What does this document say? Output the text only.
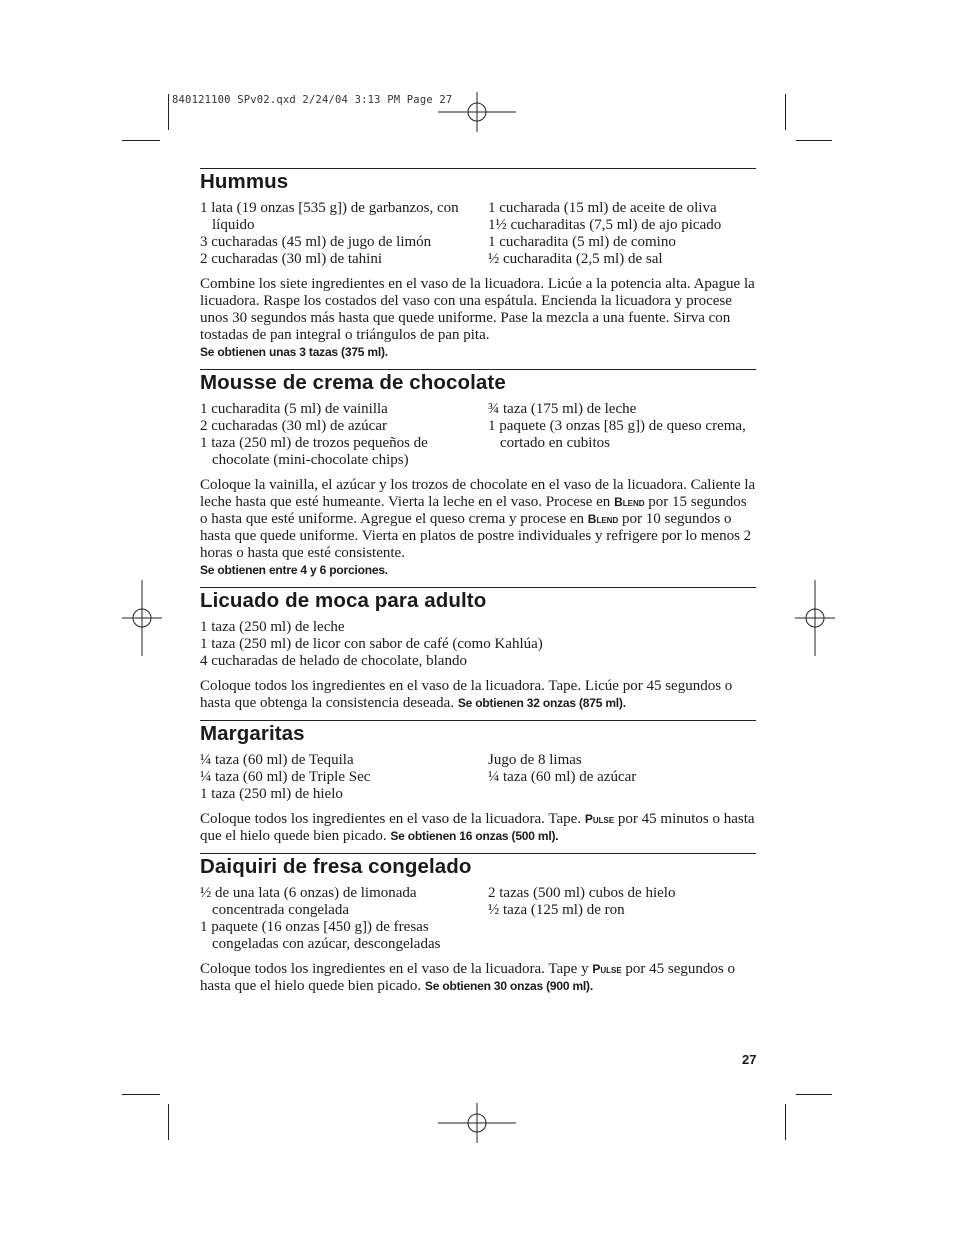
840121100 SPv02.qxd 2/24/04 3:13 PM Page 27
Hummus
1 lata (19 onzas [535 g]) de garbanzos, con líquido
3 cucharadas (45 ml) de jugo de limón
2 cucharadas (30 ml) de tahini
1 cucharada (15 ml) de aceite de oliva
1½ cucharaditas (7,5 ml) de ajo picado
1 cucharadita (5 ml) de comino
½ cucharadita (2,5 ml) de sal
Combine los siete ingredientes en el vaso de la licuadora. Licúe a la potencia alta. Apague la licuadora. Raspe los costados del vaso con una espátula. Encienda la licuadora y procese unos 30 segundos más hasta que quede uniforme. Pase la mezcla a una fuente. Sirva con tostadas de pan integral o triángulos de pan pita.
Se obtienen unas 3 tazas (375 ml).
Mousse de crema de chocolate
1 cucharadita (5 ml) de vainilla
2 cucharadas (30 ml) de azúcar
1 taza (250 ml) de trozos pequeños de chocolate (mini-chocolate chips)
¾ taza (175 ml) de leche
1 paquete (3 onzas [85 g]) de queso crema, cortado en cubitos
Coloque la vainilla, el azúcar y los trozos de chocolate en el vaso de la licuadora. Caliente la leche hasta que esté humeante. Vierta la leche en el vaso. Procese en Blend por 15 segundos o hasta que esté uniforme. Agregue el queso crema y procese en Blend por 10 segundos o hasta que quede uniforme. Vierta en platos de postre individuales y refrigere por lo menos 2 horas o hasta que esté consistente.
Se obtienen entre 4 y 6 porciones.
Licuado de moca para adulto
1 taza (250 ml) de leche
1 taza (250 ml) de licor con sabor de café (como Kahlúa)
4 cucharadas de helado de chocolate, blando
Coloque todos los ingredientes en el vaso de la licuadora. Tape. Licúe por 45 segundos o hasta que obtenga la consistencia deseada. Se obtienen 32 onzas (875 ml).
Margaritas
¼ taza (60 ml) de Tequila
¼ taza (60 ml) de Triple Sec
1 taza (250 ml) de hielo
Jugo de 8 limas
¼ taza (60 ml) de azúcar
Coloque todos los ingredientes en el vaso de la licuadora. Tape. Pulse por 45 minutos o hasta que el hielo quede bien picado. Se obtienen 16 onzas (500 ml).
Daiquiri de fresa congelado
½ de una lata (6 onzas) de limonada concentrada congelada
1 paquete (16 onzas [450 g]) de fresas congeladas con azúcar, descongeladas
2 tazas (500 ml) cubos de hielo
½ taza (125 ml) de ron
Coloque todos los ingredientes en el vaso de la licuadora. Tape y Pulse por 45 segundos o hasta que el hielo quede bien picado. Se obtienen 30 onzas (900 ml).
27
